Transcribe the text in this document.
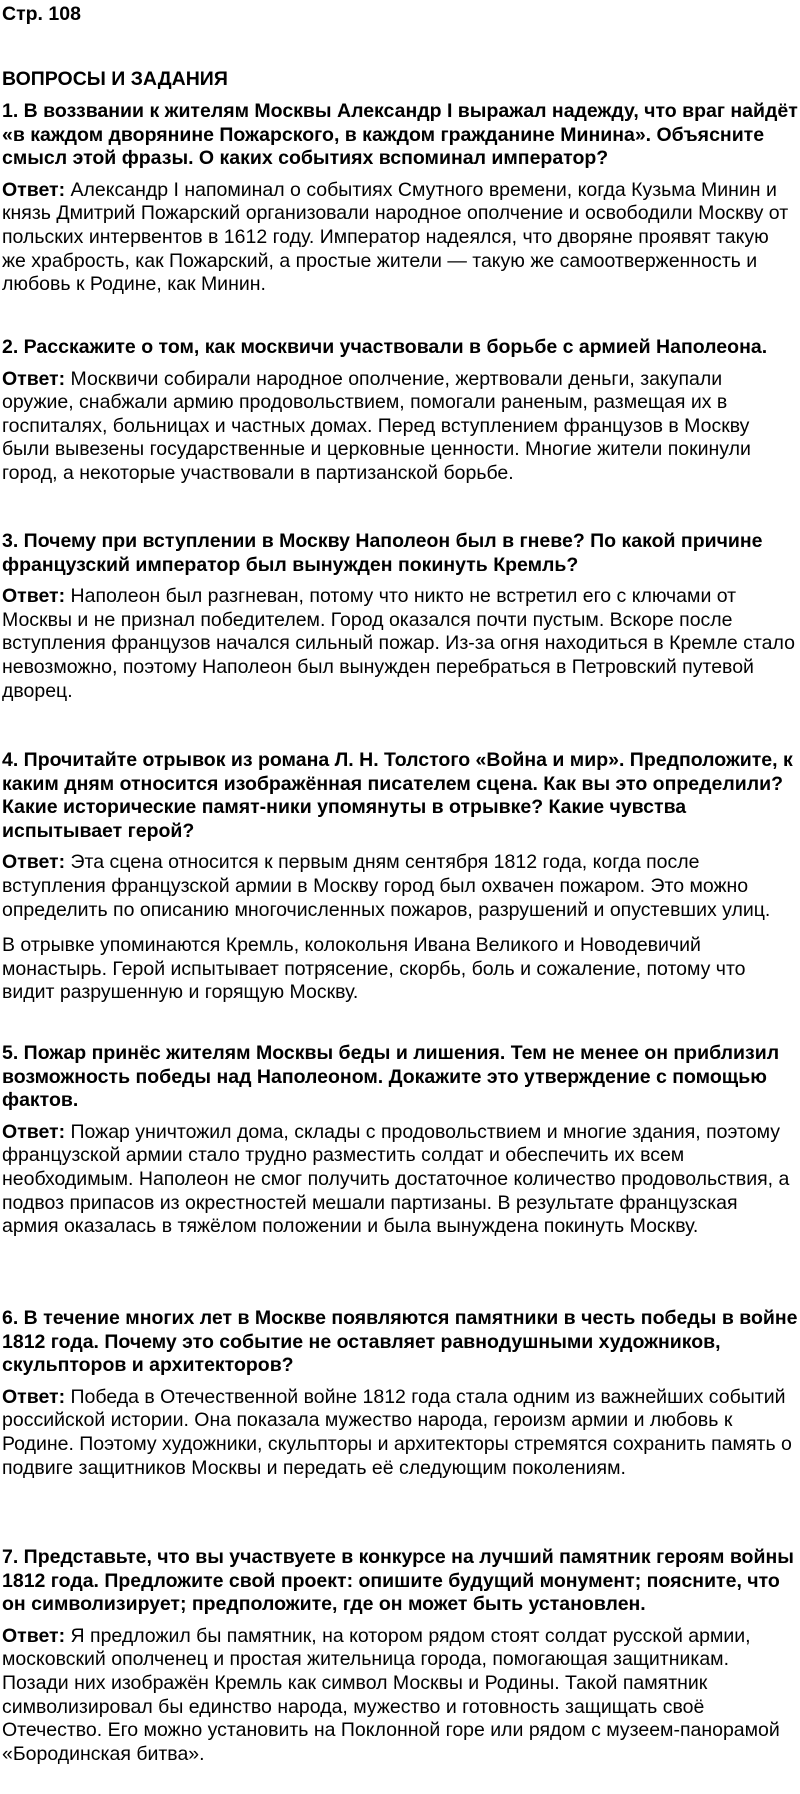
Стр. 108

ВОПРОСЫ И ЗАДАНИЯ

1. В воззвании к жителям Москвы Александр I выражал надежду, что враг найдёт «в каждом дворянине Пожарского, в каждом гражданине Минина». Объясните смысл этой фразы. О каких событиях вспоминал император?

Ответ: Александр I напоминал о событиях Смутного времени, когда Кузьма Минин и князь Дмитрий Пожарский организовали народное ополчение и освободили Москву от польских интервентов в 1612 году. Император надеялся, что дворяне проявят такую же храбрость, как Пожарский, а простые жители — такую же самоотверженность и любовь к Родине, как Минин.

2. Расскажите о том, как москвичи участвовали в борьбе с армией Наполеона.

Ответ: Москвичи собирали народное ополчение, жертвовали деньги, закупали оружие, снабжали армию продовольствием, помогали раненым, размещая их в госпиталях, больницах и частных домах. Перед вступлением французов в Москву были вывезены государственные и церковные ценности. Многие жители покинули город, а некоторые участвовали в партизанской борьбе.

3. Почему при вступлении в Москву Наполеон был в гневе? По какой причине французский император был вынужден покинуть Кремль?

Ответ: Наполеон был разгневан, потому что никто не встретил его с ключами от Москвы и не признал победителем. Город оказался почти пустым. Вскоре после вступления французов начался сильный пожар. Из-за огня находиться в Кремле стало невозможно, поэтому Наполеон был вынужден перебраться в Петровский путевой дворец.

4. Прочитайте отрывок из романа Л. Н. Толстого «Война и мир». Предположите, к каким дням относится изображённая писателем сцена. Как вы это определили? Какие исторические памят-ники упомянуты в отрывке? Какие чувства испытывает герой?

Ответ: Эта сцена относится к первым дням сентября 1812 года, когда после вступления французской армии в Москву город был охвачен пожаром. Это можно определить по описанию многочисленных пожаров, разрушений и опустевших улиц.

В отрывке упоминаются Кремль, колокольня Ивана Великого и Новодевичий монастырь. Герой испытывает потрясение, скорбь, боль и сожаление, потому что видит разрушенную и горящую Москву.

5. Пожар принёс жителям Москвы беды и лишения. Тем не менее он приблизил возможность победы над Наполеоном. Докажите это утверждение с помощью фактов.

Ответ: Пожар уничтожил дома, склады с продовольствием и многие здания, поэтому французской армии стало трудно разместить солдат и обеспечить их всем необходимым. Наполеон не смог получить достаточное количество продовольствия, а подвоз припасов из окрестностей мешали партизаны. В результате французская армия оказалась в тяжёлом положении и была вынуждена покинуть Москву.

6. В течение многих лет в Москве появляются памятники в честь победы в войне 1812 года. Почему это событие не оставляет равнодушными художников, скульпторов и архитекторов?

Ответ: Победа в Отечественной войне 1812 года стала одним из важнейших событий российской истории. Она показала мужество народа, героизм армии и любовь к Родине. Поэтому художники, скульпторы и архитекторы стремятся сохранить память о подвиге защитников Москвы и передать её следующим поколениям.

7. Представьте, что вы участвуете в конкурсе на лучший памятник героям войны 1812 года. Предложите свой проект: опишите будущий монумент; поясните, что он символизирует; предположите, где он может быть установлен.

Ответ: Я предложил бы памятник, на котором рядом стоят солдат русской армии, московский ополченец и простая жительница города, помогающая защитникам. Позади них изображён Кремль как символ Москвы и Родины. Такой памятник символизировал бы единство народа, мужество и готовность защищать своё Отечество. Его можно установить на Поклонной горе или рядом с музеем-панорамой «Бородинская битва».
